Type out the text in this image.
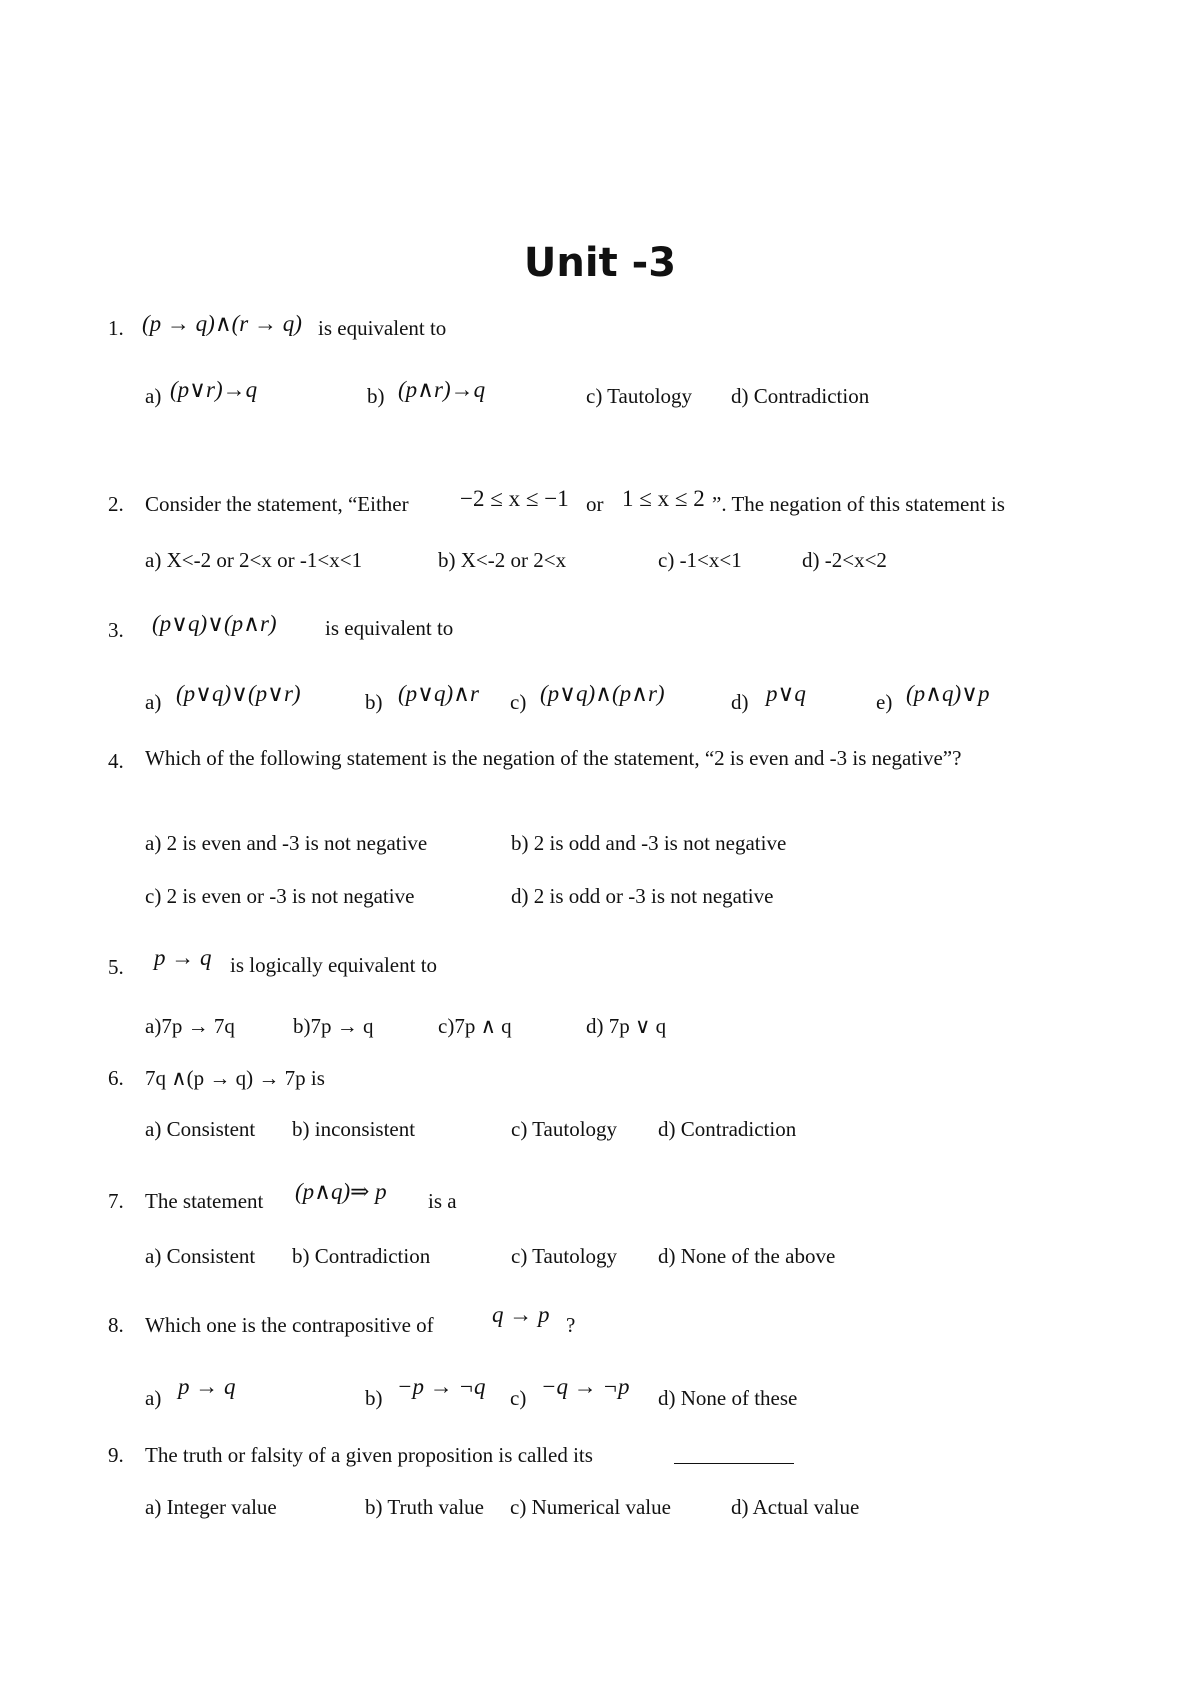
Unit -3
1. (p → q)∧(r → q) is equivalent to
a) (p∨r)→q	b) (p∧r)→q	c) Tautology d) Contradiction
2. Consider the statement, “Either −2 ≤ x ≤ −1 or 1 ≤ x ≤ 2 ”. The negation of this statement is
a) X<-2 or 2<x or -1<x<1	b) X<-2 or 2<x	c) -1<x<1	d) -2<x<2
3. (p∨q)∨(p∧r) is equivalent to
a) (p∨q)∨(p∨r)	b) (p∨q)∧r c) (p∨q)∧(p∧r)	d) p∨q	e) (p∧q)∨p
4. Which of the following statement is the negation of the statement, “2 is even and -3 is negative”?
a) 2 is even and -3 is not negative	b) 2 is odd and -3 is not negative
c) 2 is even or -3 is not negative	d) 2 is odd or -3 is not negative
5. p → q is logically equivalent to
a)7p → 7q	b)7p → q	c)7p ∧ q	d) 7p ∨ q
6. 7q ∧(p → q) → 7p is
a) Consistent b) inconsistent	c) Tautology d) Contradiction
7. The statement (p∧q)⇒ p is a
a) Consistent b) Contradiction	c) Tautology d) None of the above
8. Which one is the contrapositive of	q → p ?
a) p → q	b) −p → ¬q c) −q → ¬p d) None of these
9. The truth or falsity of a given proposition is called its
a) Integer value	b) Truth value c) Numerical value	d) Actual value
